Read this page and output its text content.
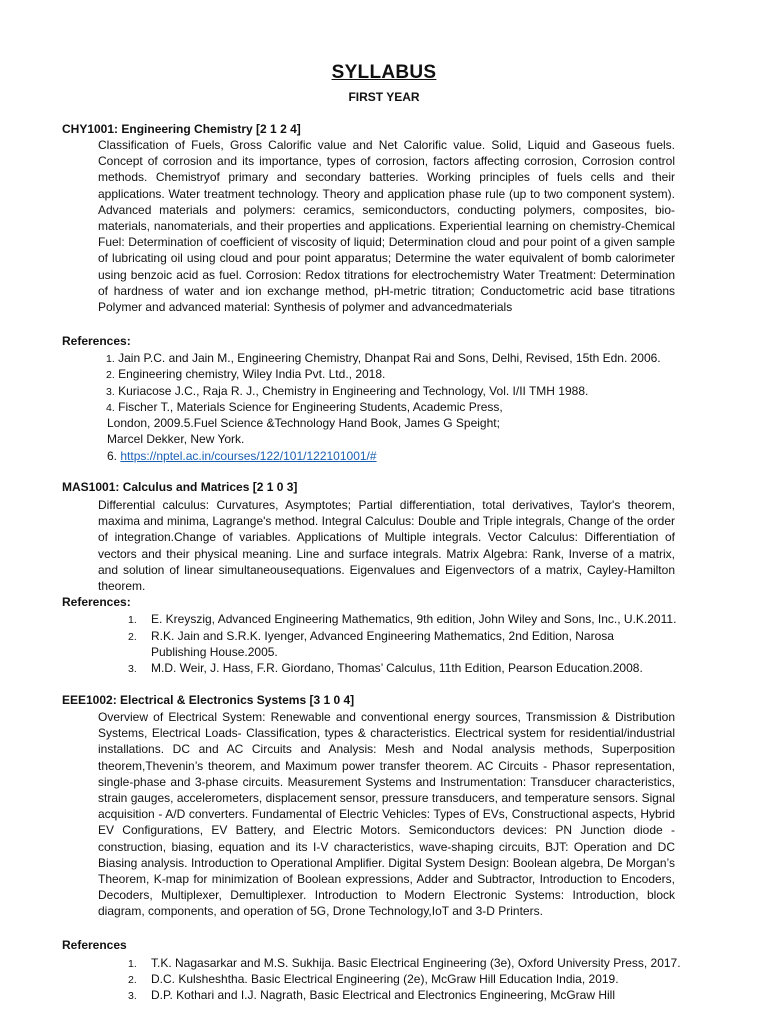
SYLLABUS
FIRST YEAR
CHY1001: Engineering Chemistry [2 1 2 4]
Classification of Fuels, Gross Calorific value and Net Calorific value. Solid, Liquid and Gaseous fuels. Concept of corrosion and its importance, types of corrosion, factors affecting corrosion, Corrosion control methods. Chemistryof primary and secondary batteries. Working principles of fuels cells and their applications. Water treatment technology. Theory and application phase rule (up to two component system). Advanced materials and polymers: ceramics, semiconductors, conducting polymers, composites, bio-materials, nanomaterials, and their properties and applications. Experiential learning on chemistry-Chemical Fuel: Determination of coefficient of viscosity of liquid; Determination cloud and pour point of a given sample of lubricating oil using cloud and pour point apparatus; Determine the water equivalent of bomb calorimeter using benzoic acid as fuel. Corrosion: Redox titrations for electrochemistry Water Treatment: Determination of hardness of water and ion exchange method, pH-metric titration; Conductometric acid base titrations Polymer and advanced material: Synthesis of polymer and advancedmaterials
References:
1. Jain P.C. and Jain M., Engineering Chemistry, Dhanpat Rai and Sons, Delhi, Revised, 15th Edn. 2006.
2. Engineering chemistry, Wiley India Pvt. Ltd., 2018.
3. Kuriacose J.C., Raja R. J., Chemistry in Engineering and Technology, Vol. I/II TMH 1988.
4. Fischer T., Materials Science for Engineering Students, Academic Press,
London, 2009.5.Fuel Science &Technology Hand Book, James G Speight;
Marcel Dekker, New York.
6. https://nptel.ac.in/courses/122/101/122101001/#
MAS1001: Calculus and Matrices [2 1 0 3]
Differential calculus: Curvatures, Asymptotes; Partial differentiation, total derivatives, Taylor's theorem, maxima and minima, Lagrange's method. Integral Calculus: Double and Triple integrals, Change of the order of integration.Change of variables. Applications of Multiple integrals. Vector Calculus: Differentiation of vectors and their physical meaning. Line and surface integrals. Matrix Algebra: Rank, Inverse of a matrix, and solution of linear simultaneousequations. Eigenvalues and Eigenvectors of a matrix, Cayley-Hamilton theorem.
References:
1. E. Kreyszig, Advanced Engineering Mathematics, 9th edition, John Wiley and Sons, Inc., U.K.2011.
2. R.K. Jain and S.R.K. Iyenger, Advanced Engineering Mathematics, 2nd Edition, Narosa
Publishing House.2005.
3. M.D. Weir, J. Hass, F.R. Giordano, Thomas’ Calculus, 11th Edition, Pearson Education.2008.
EEE1002: Electrical & Electronics Systems [3 1 0 4]
Overview of Electrical System: Renewable and conventional energy sources, Transmission & Distribution Systems, Electrical Loads- Classification, types & characteristics. Electrical system for residential/industrial installations. DC and AC Circuits and Analysis: Mesh and Nodal analysis methods, Superposition theorem,Thevenin’s theorem, and Maximum power transfer theorem. AC Circuits - Phasor representation, single-phase and 3-phase circuits. Measurement Systems and Instrumentation: Transducer characteristics, strain gauges, accelerometers, displacement sensor, pressure transducers, and temperature sensors. Signal acquisition - A/D converters. Fundamental of Electric Vehicles: Types of EVs, Constructional aspects, Hybrid EV Configurations, EV Battery, and Electric Motors. Semiconductors devices: PN Junction diode - construction, biasing, equation and its I-V characteristics, wave-shaping circuits, BJT: Operation and DC Biasing analysis. Introduction to Operational Amplifier. Digital System Design: Boolean algebra, De Morgan’s Theorem, K-map for minimization of Boolean expressions, Adder and Subtractor, Introduction to Encoders, Decoders, Multiplexer, Demultiplexer. Introduction to Modern Electronic Systems: Introduction, block diagram, components, and operation of 5G, Drone Technology,IoT and 3-D Printers.
References
1. T.K. Nagasarkar and M.S. Sukhija. Basic Electrical Engineering (3e), Oxford University Press, 2017.
2. D.C. Kulsheshtha. Basic Electrical Engineering (2e), McGraw Hill Education India, 2019.
3. D.P. Kothari and I.J. Nagrath, Basic Electrical and Electronics Engineering, McGraw Hill
